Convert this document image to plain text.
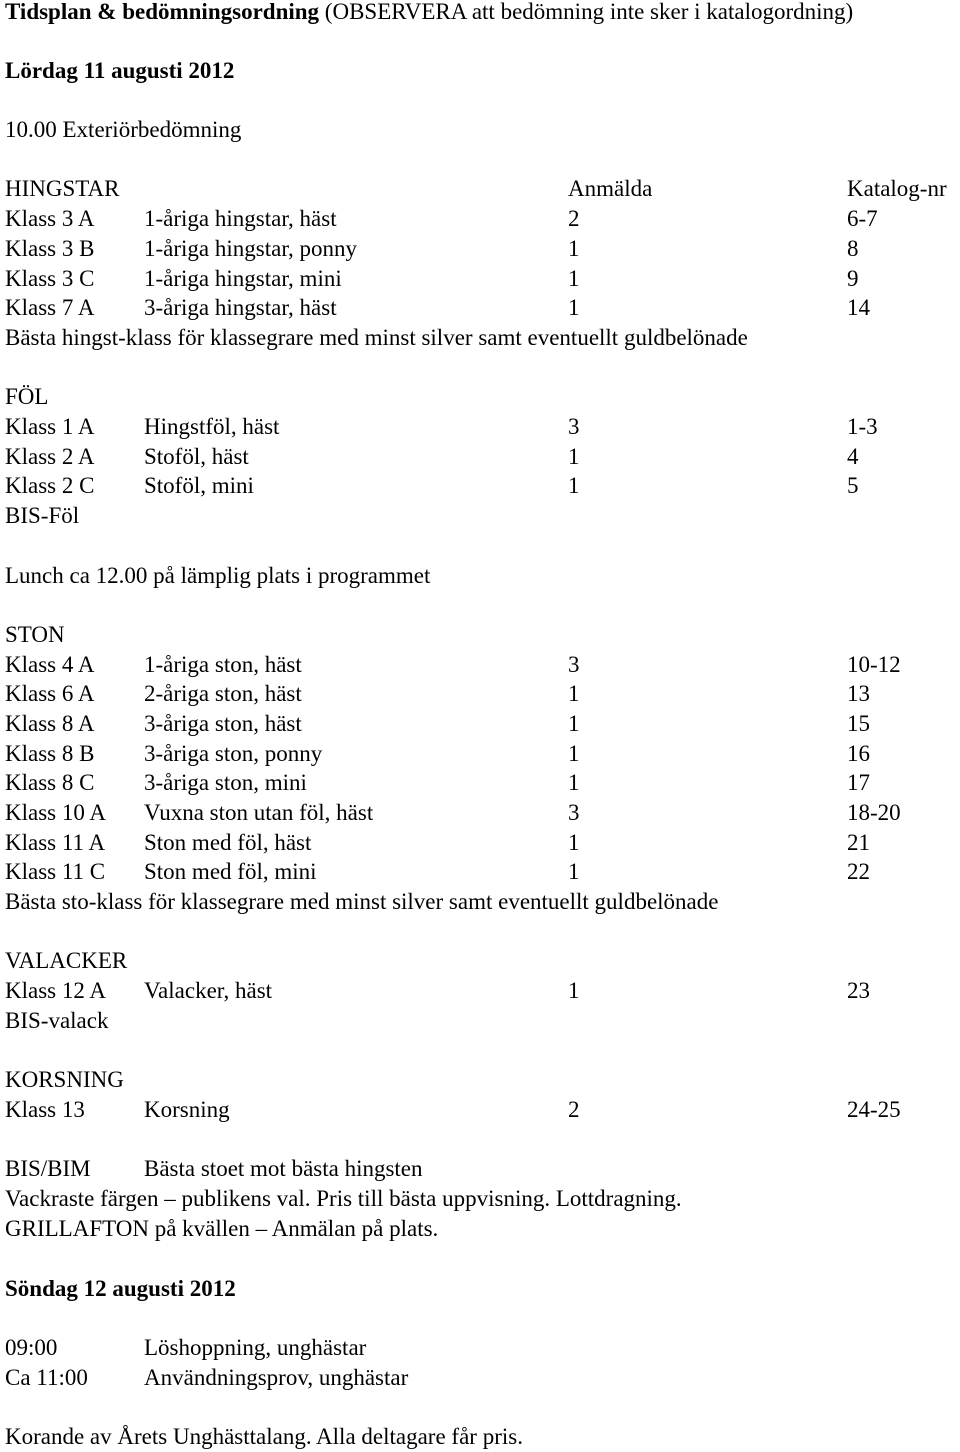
Tidsplan & bedömningsordning (OBSERVERA att bedömning inte sker i katalogordning)
Lördag 11 augusti 2012
10.00 Exteriörbedömning
HINGSTAR	Anmälda	Katalog-nr
Klass 3 A 1-åriga hingstar, häst	2	6-7
Klass 3 B 1-åriga hingstar, ponny	1	8
Klass 3 C 1-åriga hingstar, mini	1	9
Klass 7 A 3-åriga hingstar, häst	1	14
Bästa hingst-klass för klassegrare med minst silver samt eventuellt guldbelönade
FÖL
Klass 1 A Hingstföl, häst	3	1-3
Klass 2 A Stoföl, häst	1	4
Klass 2 C Stoföl, mini	1	5
BIS-Föl
Lunch ca 12.00 på lämplig plats i programmet
STON
Klass 4 A 1-åriga ston, häst	3	10-12
Klass 6 A 2-åriga ston, häst	1	13
Klass 8 A 3-åriga ston, häst	1	15
Klass 8 B 3-åriga ston, ponny	1	16
Klass 8 C 3-åriga ston, mini	1	17
Klass 10 A Vuxna ston utan föl, häst	3	18-20
Klass 11 A Ston med föl, häst	1	21
Klass 11 C Ston med föl, mini	1	22
Bästa sto-klass för klassegrare med minst silver samt eventuellt guldbelönade
VALACKER
Klass 12 A Valacker, häst	1	23
BIS-valack
KORSNING
Klass 13	Korsning	2	24-25
BIS/BIM Bästa stoet mot bästa hingsten
Vackraste färgen – publikens val. Pris till bästa uppvisning. Lottdragning.
GRILLAFTON på kvällen – Anmälan på plats.
Söndag 12 augusti 2012
09:00	Löshoppning, unghästar
Ca 11:00 Användningsprov, unghästar
Korande av Årets Unghästtalang. Alla deltagare får pris.
